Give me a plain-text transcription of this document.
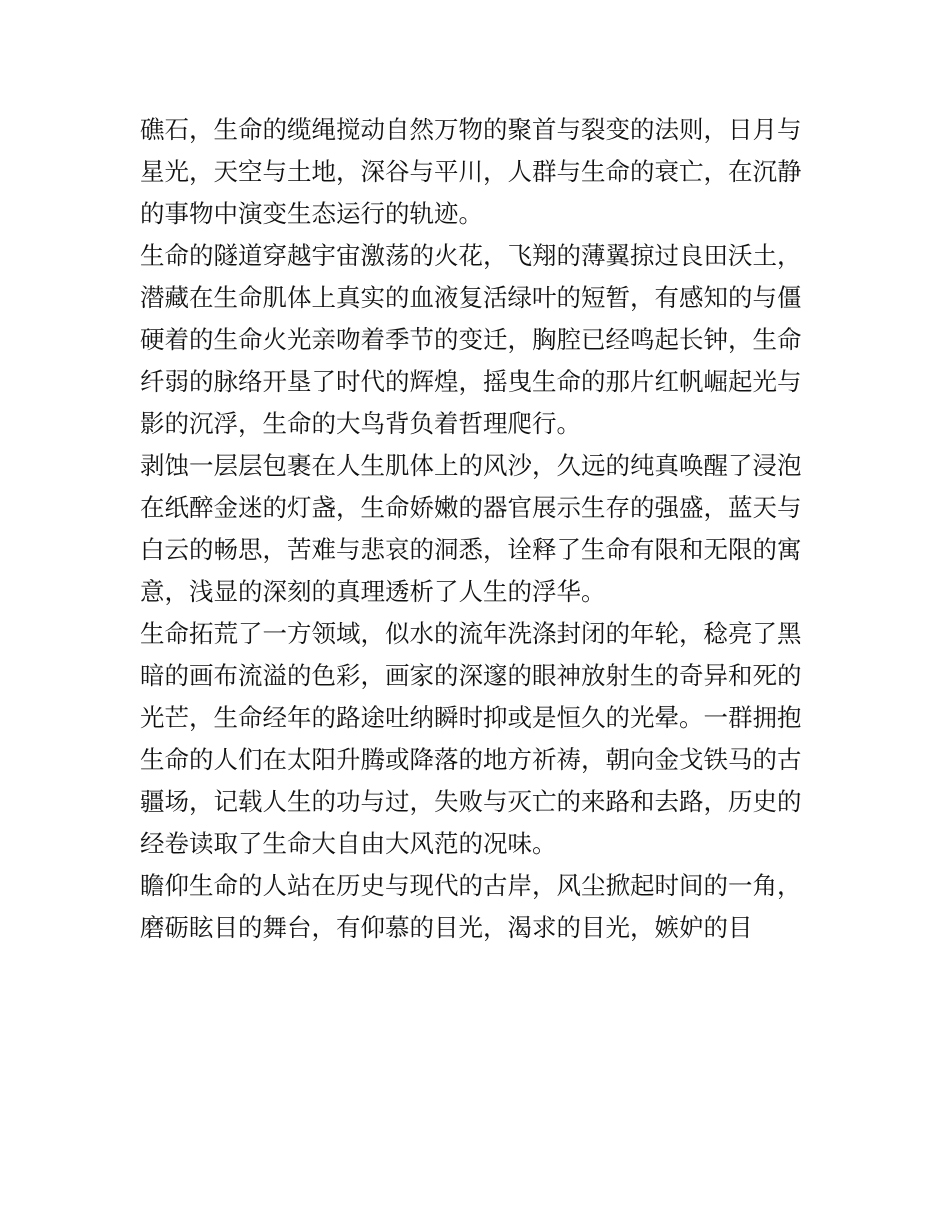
礁石，生命的缆绳搅动自然万物的聚首与裂变的法则，日月与
星光，天空与土地，深谷与平川，人群与生命的衰亡，在沉静
的事物中演变生态运行的轨迹。
生命的隧道穿越宇宙激荡的火花，飞翔的薄翼掠过良田沃土，
潜藏在生命肌体上真实的血液复活绿叶的短暂，有感知的与僵
硬着的生命火光亲吻着季节的变迁，胸腔已经鸣起长钟，生命
纤弱的脉络开垦了时代的辉煌，摇曳生命的那片红帆崛起光与
影的沉浮，生命的大鸟背负着哲理爬行。
剥蚀一层层包裹在人生肌体上的风沙，久远的纯真唤醒了浸泡
在纸醉金迷的灯盏，生命娇嫩的器官展示生存的强盛，蓝天与
白云的畅思，苦难与悲哀的洞悉，诠释了生命有限和无限的寓
意，浅显的深刻的真理透析了人生的浮华。
生命拓荒了一方领域，似水的流年洗涤封闭的年轮，稔亮了黑
暗的画布流溢的色彩，画家的深邃的眼神放射生的奇异和死的
光芒，生命经年的路途吐纳瞬时抑或是恒久的光晕。一群拥抱
生命的人们在太阳升腾或降落的地方祈祷，朝向金戈铁马的古
疆场，记载人生的功与过，失败与灭亡的来路和去路，历史的
经卷读取了生命大自由大风范的况味。
瞻仰生命的人站在历史与现代的古岸，风尘掀起时间的一角，
磨砺眩目的舞台，有仰慕的目光，渴求的目光，嫉妒的目
